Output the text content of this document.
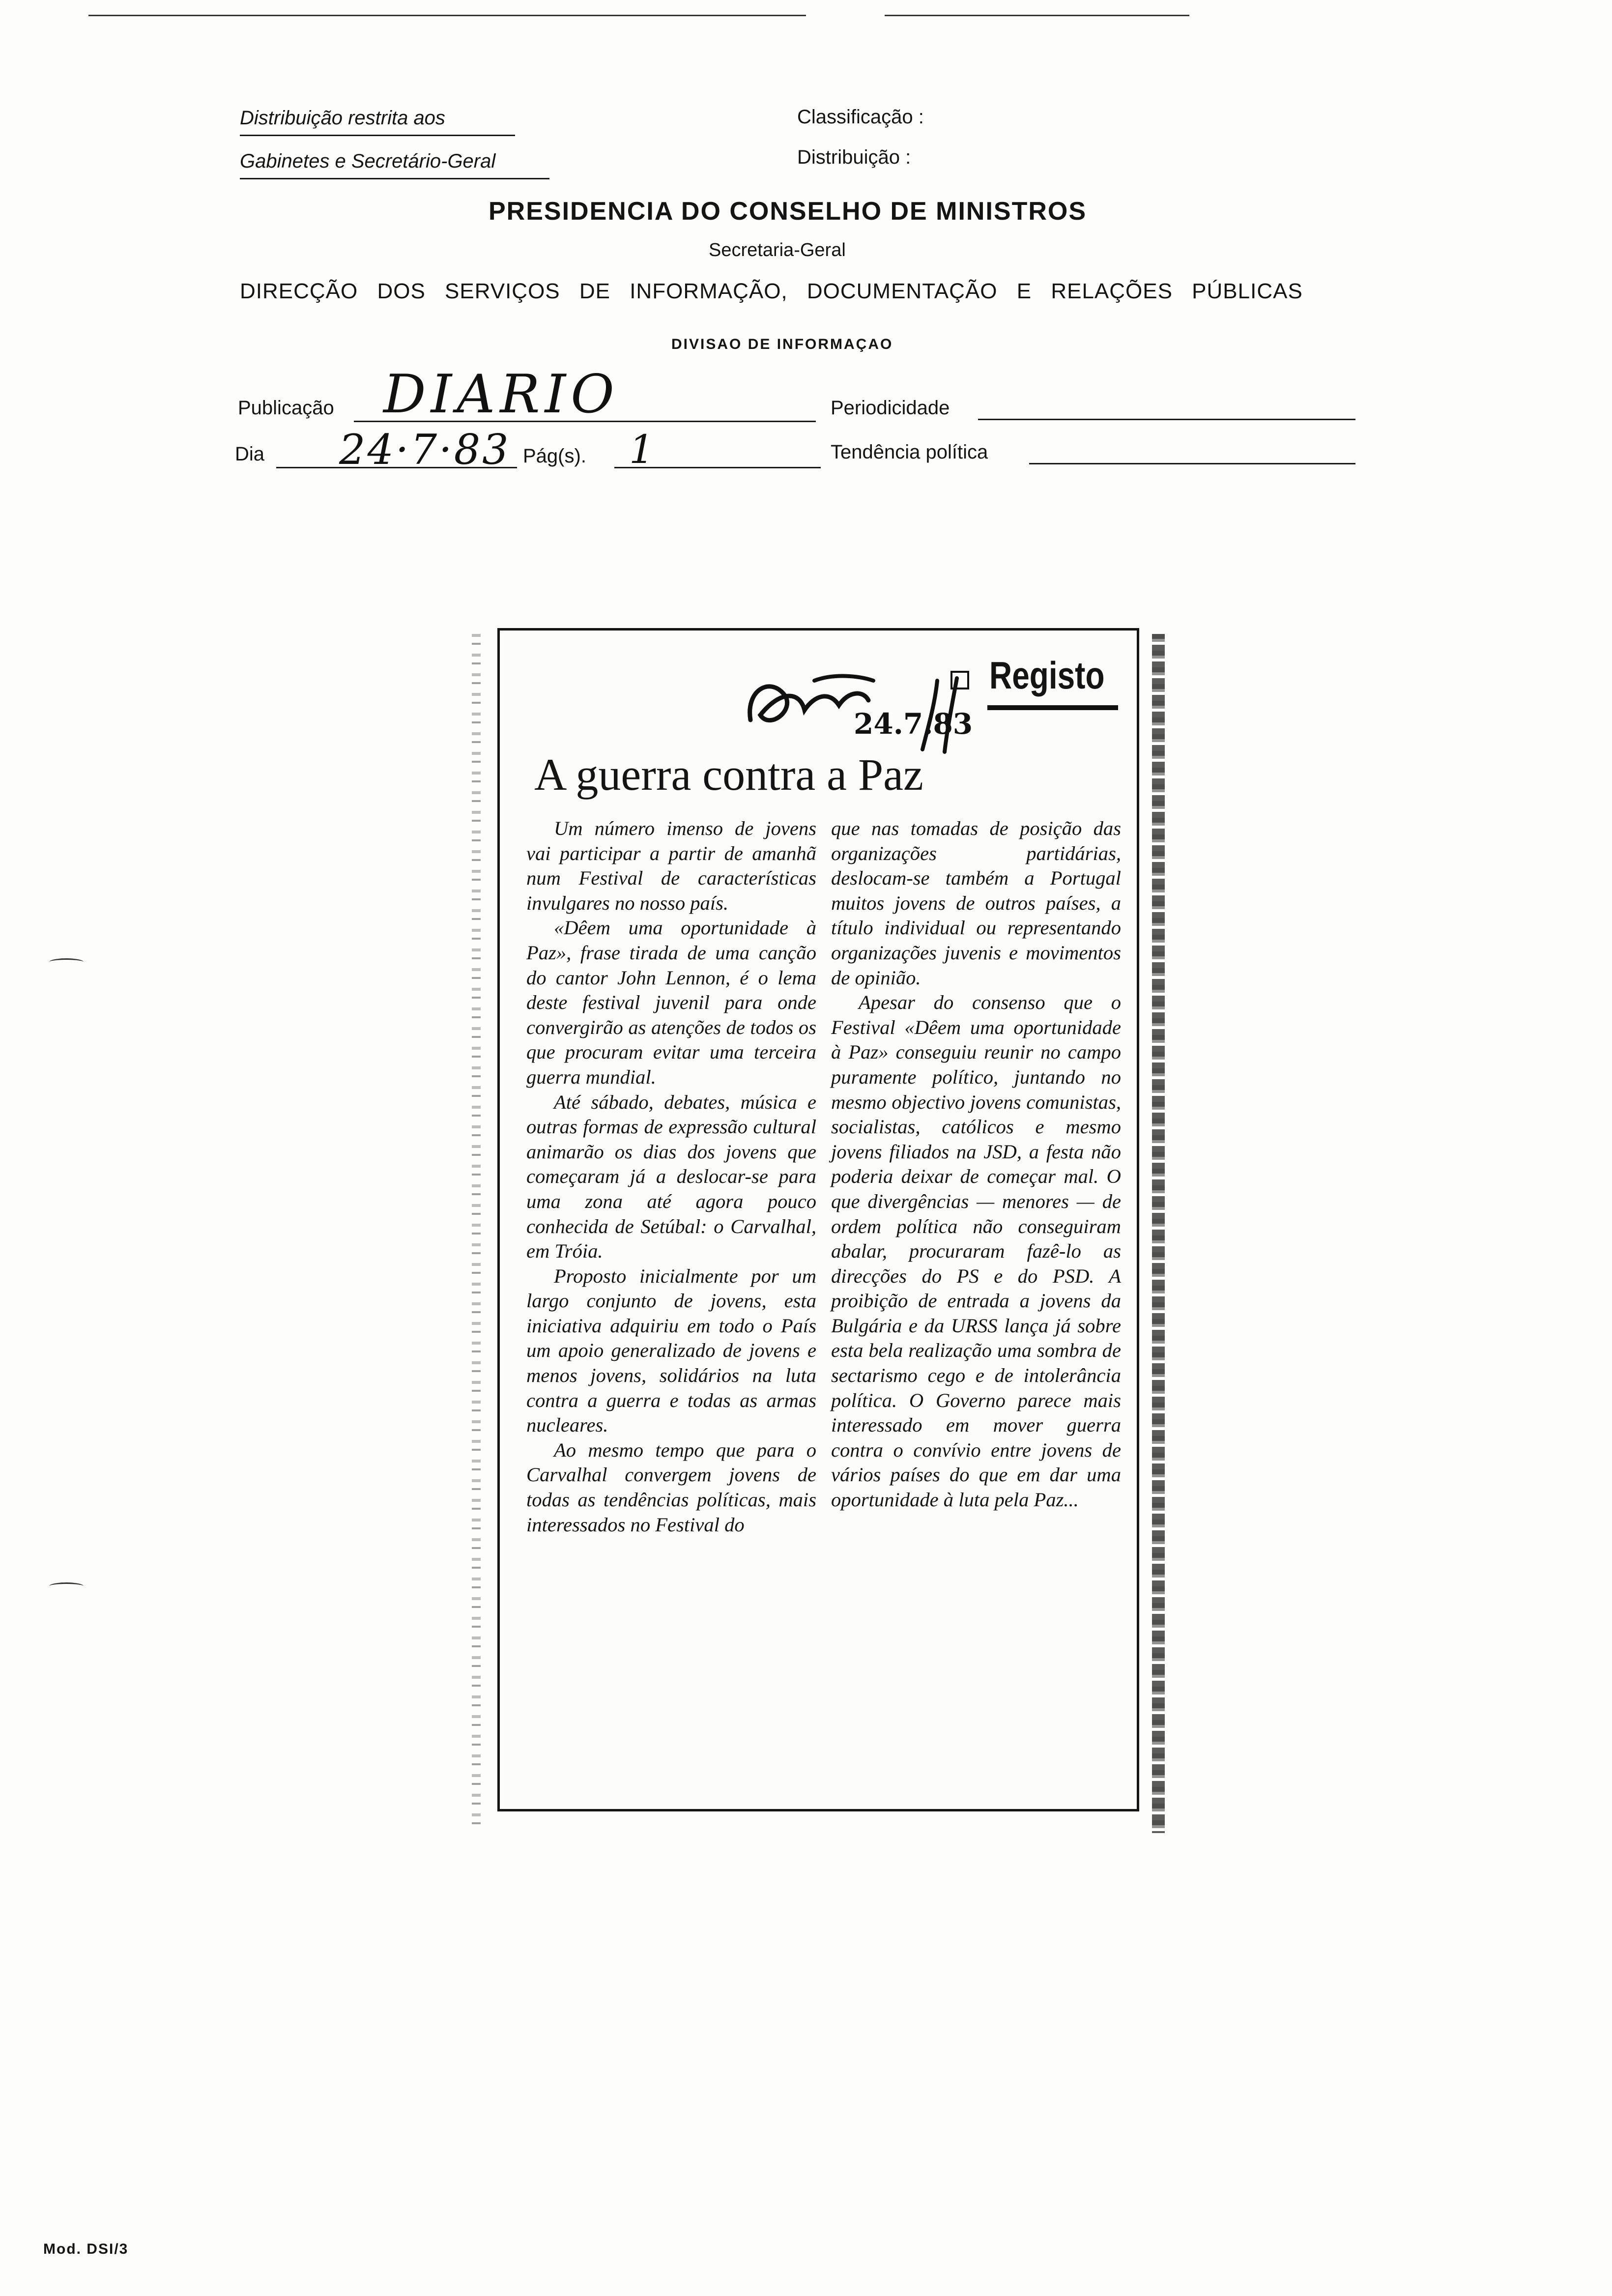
Distribuição restrita aos
Gabinetes e Secretário-Geral
Classificação :
Distribuição :
PRESIDENCIA DO CONSELHO DE MINISTROS
Secretaria-Geral
DIRECÇÃO DOS SERVIÇOS DE INFORMAÇÃO, DOCUMENTAÇÃO E RELAÇÕES PÚBLICAS
DIVISAO DE INFORMAÇAO
Publicação DIARIO	Periodicidade
Dia 24·7·83 Pág(s). 1	Tendência política
24.7.83
Registo
A guerra contra a Paz

Um número imenso de jovens vai participar a partir de amanhã num Festival de características invulgares no nosso país.

«Dêem uma oportunidade à Paz», frase tirada de uma canção do cantor John Lennon, é o lema deste festival juvenil para onde convergirão as atenções de todos os que procuram evitar uma terceira guerra mundial.

Até sábado, debates, música e outras formas de expressão cultural animarão os dias dos jovens que começaram já a deslocar-se para uma zona até agora pouco conhecida de Setúbal: o Carvalhal, em Tróia.

Proposto inicialmente por um largo conjunto de jovens, esta iniciativa adquiriu em todo o País um apoio generalizado de jovens e menos jovens, solidários na luta contra a guerra e todas as armas nucleares.

Ao mesmo tempo que para o Carvalhal convergem jovens de todas as tendências políticas, mais interessados no Festival do

que nas tomadas de posição das organizações partidárias, deslocam-se também a Portugal muitos jovens de outros países, a título individual ou representando organizações juvenis e movimentos de opinião.

Apesar do consenso que o Festival «Dêem uma oportunidade à Paz» conseguiu reunir no campo puramente político, juntando no mesmo objectivo jovens comunistas, socialistas, católicos e mesmo jovens filiados na JSD, a festa não poderia deixar de começar mal. O que divergências — menores — de ordem política não conseguiram abalar, procuraram fazê-lo as direcções do PS e do PSD. A proibição de entrada a jovens da Bulgária e da URSS lança já sobre esta bela realização uma sombra de sectarismo cego e de intolerância política. O Governo parece mais interessado em mover guerra contra o convívio entre jovens de vários países do que em dar uma oportunidade à luta pela Paz...

Mod. DSI/3
